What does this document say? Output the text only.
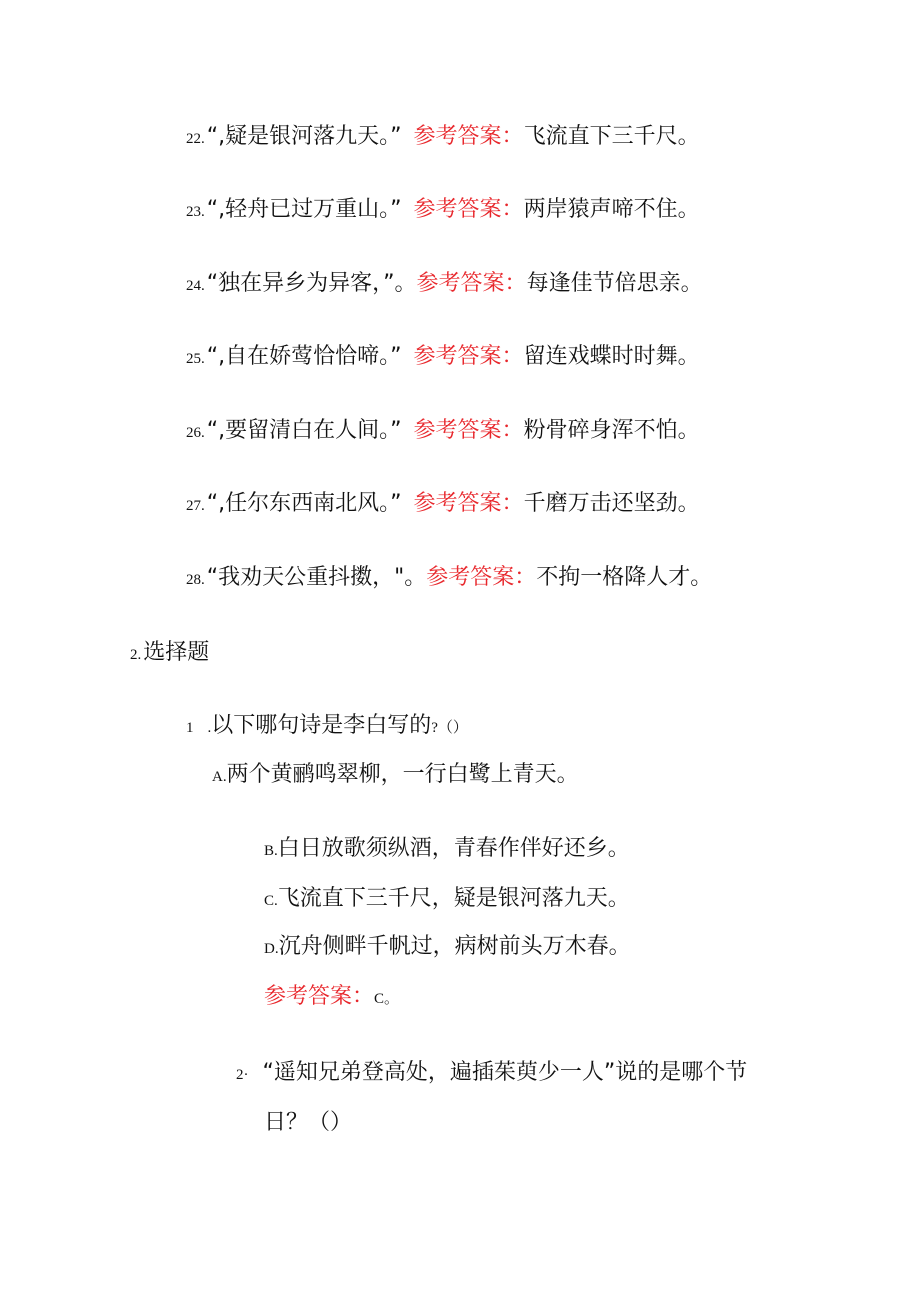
22.“,疑是银河落九天。” 参考答案：飞流直下三千尺。
23.“,轻舟已过万重山。” 参考答案：两岸猿声啼不住。
24.“独在异乡为异客，”。参考答案：每逢佳节倍思亲。
25.“,自在娇莺恰恰啼。” 参考答案：留连戏蝶时时舞。
26.“,要留清白在人间。” 参考答案：粉骨碎身浑不怕。
27.“,任尔东西南北风。” 参考答案：千磨万击还坚劲。
28.“我劝天公重抖擞，"。参考答案：不拘一格降人才。
2.选择题
1 .以下哪句诗是李白写的?（）
A.两个黄鹂鸣翠柳，一行白鹭上青天。
B.白日放歌须纵酒，青春作伴好还乡。
C.飞流直下三千尺，疑是银河落九天。
D.沉舟侧畔千帆过，病树前头万木春。
参考答案：C。
2· “遥知兄弟登高处，遍插茱萸少一人”说的是哪个节
日？（）
